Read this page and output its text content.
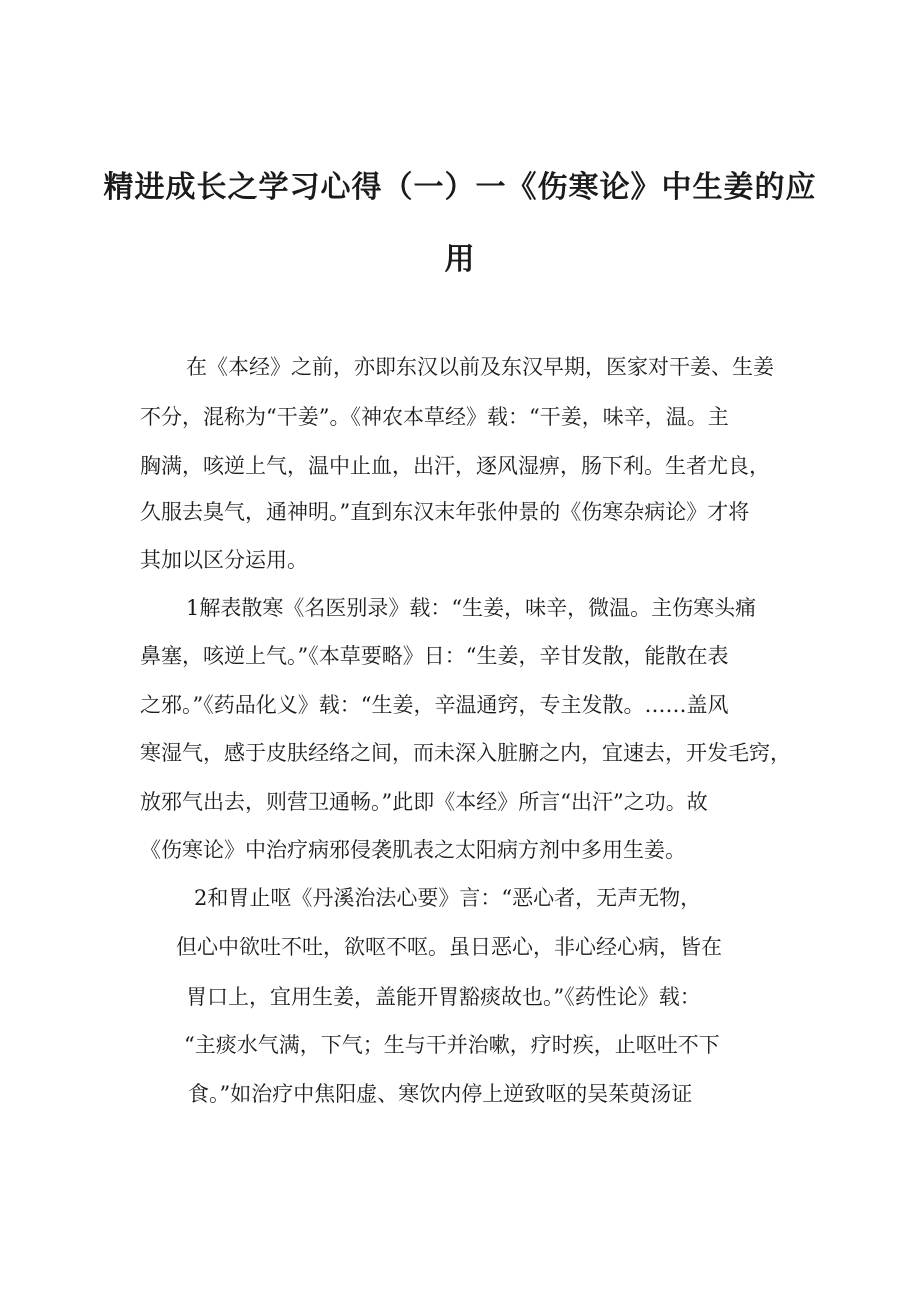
精进成长之学习心得（一）一《伤寒论》中生姜的应
用

在《本经》之前，亦即东汉以前及东汉早期，医家对干姜、生姜

不分，混称为“干姜”。《神农本草经》载：“干姜，味辛，温。主

胸满，咳逆上气，温中止血，出汗，逐风湿痹，肠下利。生者尤良，

久服去臭气，通神明。”直到东汉末年张仲景的《伤寒杂病论》才将

其加以区分运用。

1解表散寒《名医别录》载：“生姜，味辛，微温。主伤寒头痛

鼻塞，咳逆上气。”《本草要略》日：“生姜，辛甘发散，能散在表

之邪。”《药品化义》载：“生姜，辛温通窍，专主发散。……盖风

寒湿气，感于皮肤经络之间，而未深入脏腑之内，宜速去，开发毛窍，

放邪气出去，则营卫通畅。”此即《本经》所言“出汗”之功。故

《伤寒论》中治疗病邪侵袭肌表之太阳病方剂中多用生姜。

2和胃止呕《丹溪治法心要》言：“恶心者，无声无物，

但心中欲吐不吐，欲呕不呕。虽日恶心，非心经心病，皆在

胃口上，宜用生姜，盖能开胃豁痰故也。”《药性论》载：

“主痰水气满，下气；生与干并治嗽，疗时疾，止呕吐不下

食。”如治疗中焦阳虚、寒饮内停上逆致呕的吴茱萸汤证
